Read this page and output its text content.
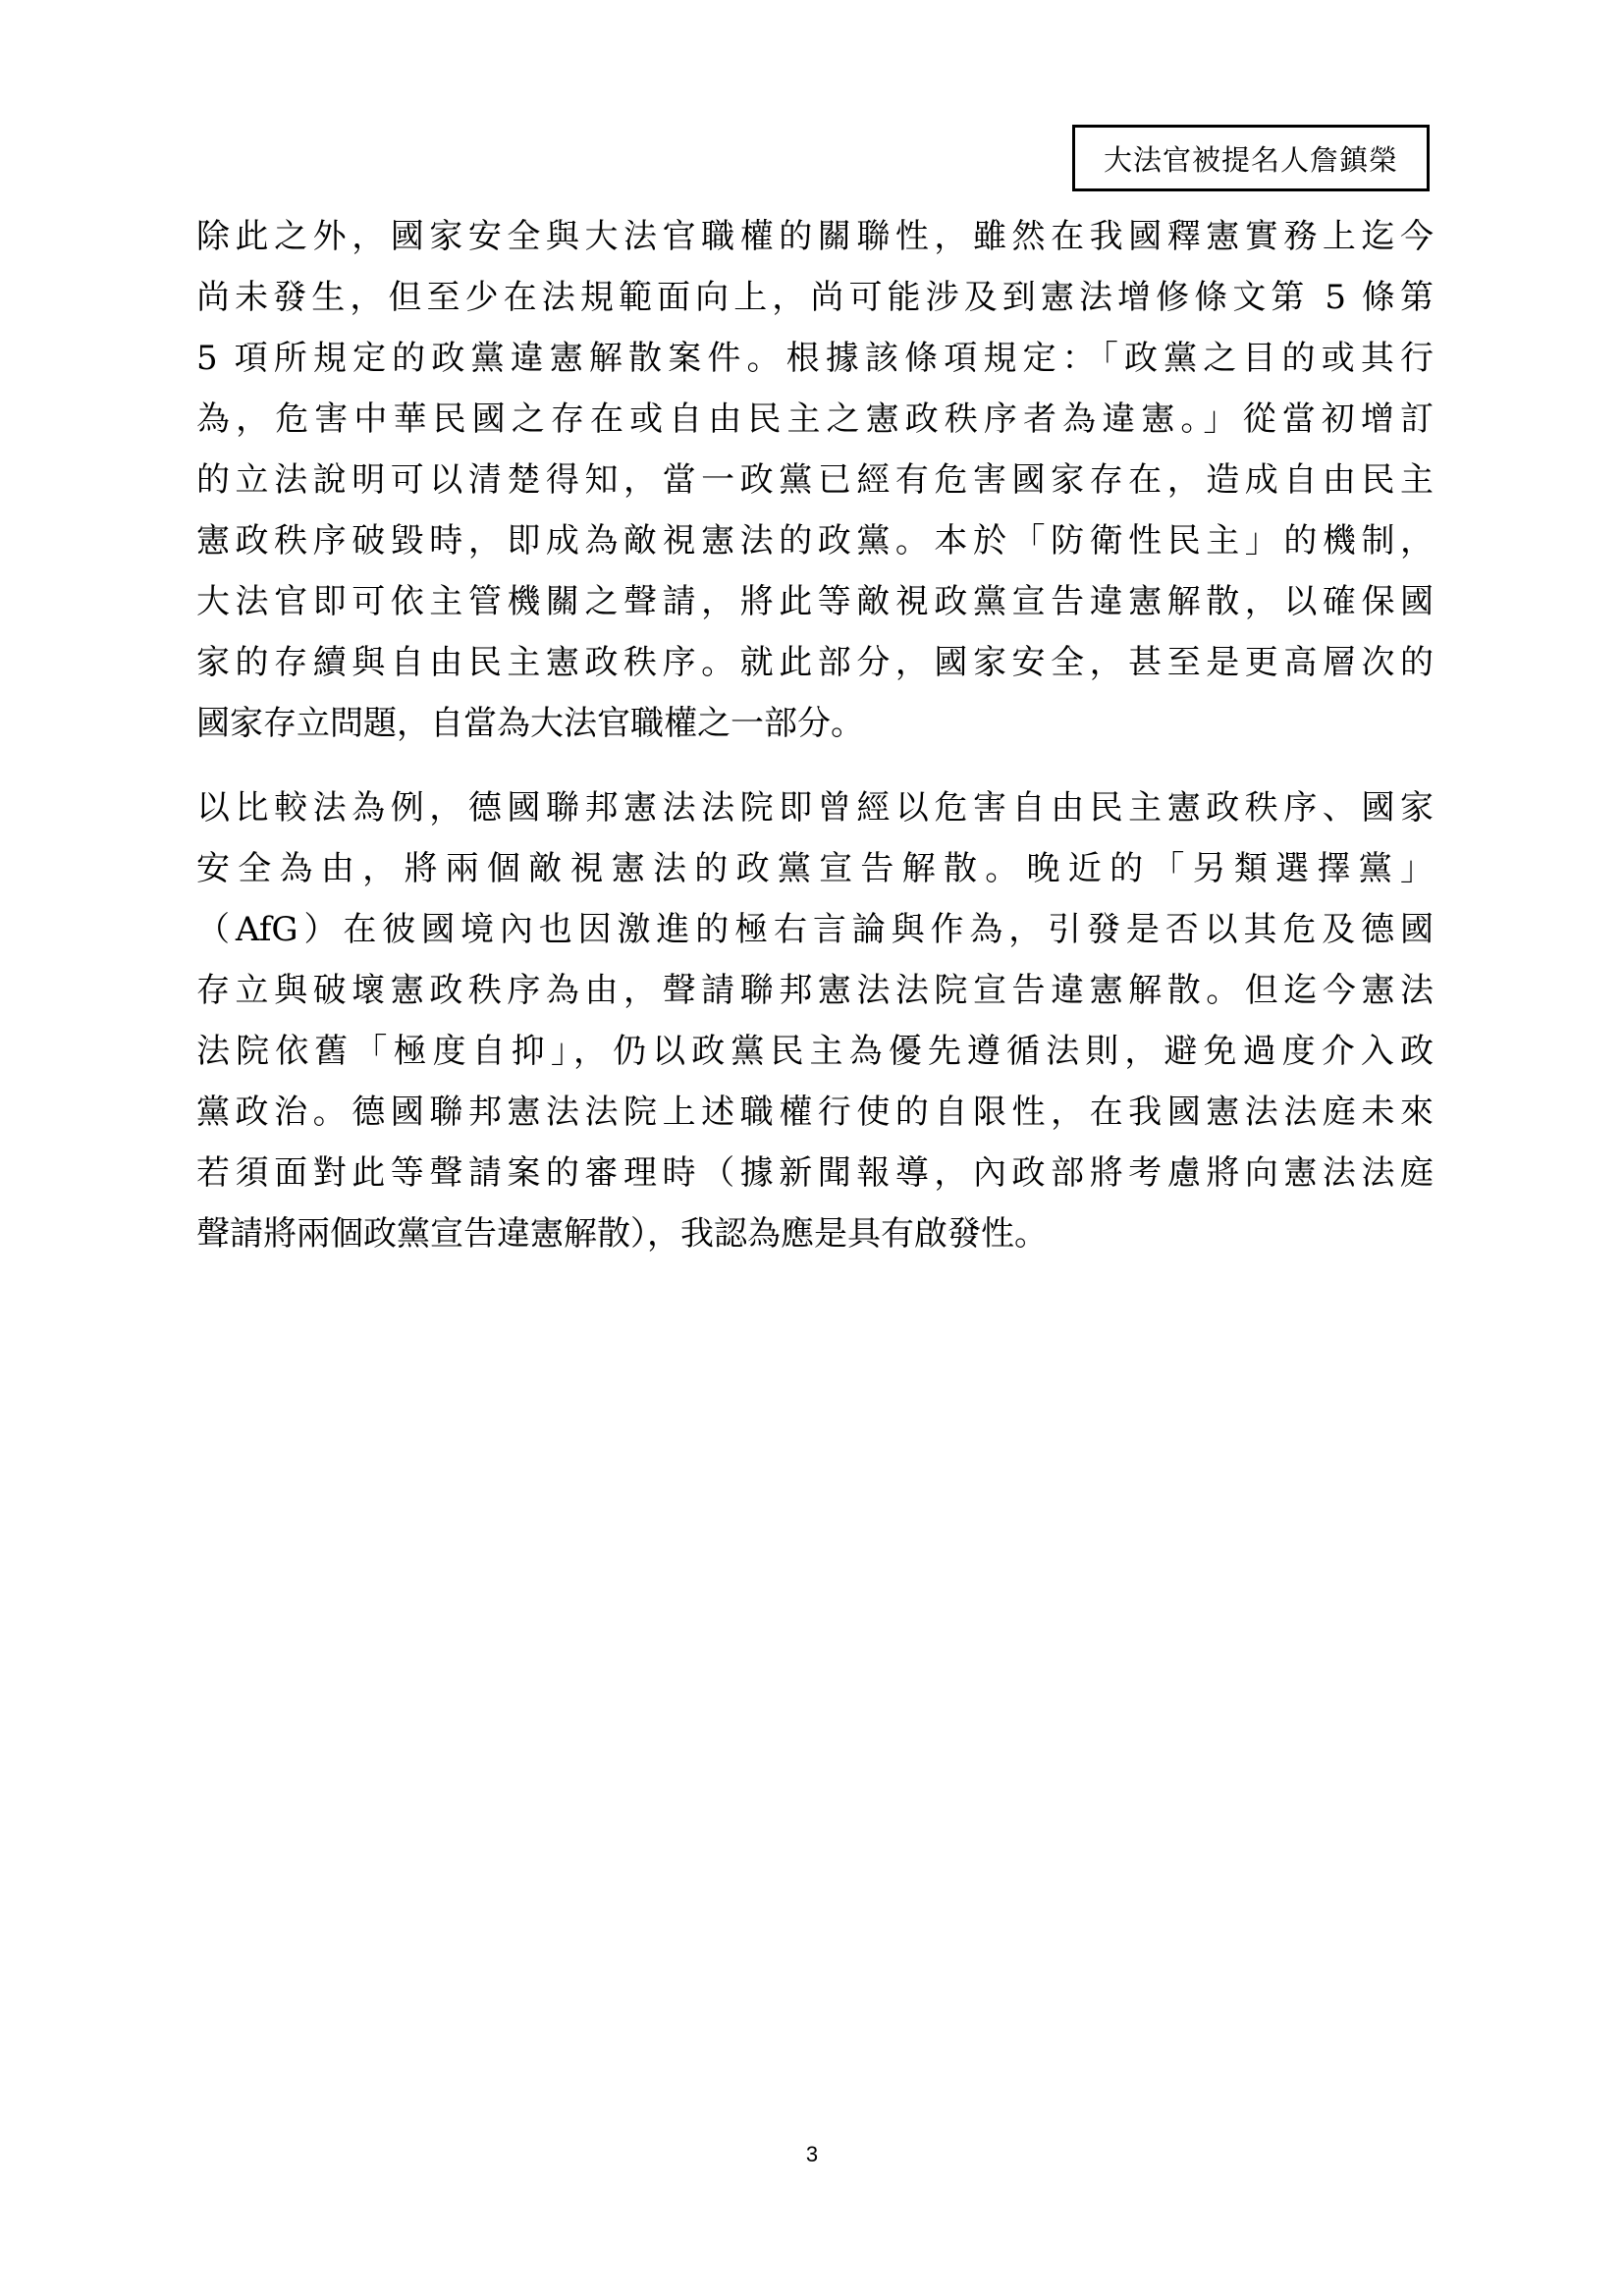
大法官被提名人詹鎮榮
除此之外，國家安全與大法官職權的關聯性，雖然在我國釋憲實務上迄今
尚未發生，但至少在法規範面向上，尚可能涉及到憲法增修條文第 5 條第
5 項所規定的政黨違憲解散案件。根據該條項規定：「政黨之目的或其行
為，危害中華民國之存在或自由民主之憲政秩序者為違憲。」從當初增訂
的立法說明可以清楚得知，當一政黨已經有危害國家存在，造成自由民主
憲政秩序破毀時，即成為敵視憲法的政黨。本於「防衛性民主」的機制，
大法官即可依主管機關之聲請，將此等敵視政黨宣告違憲解散，以確保國
家的存續與自由民主憲政秩序。就此部分，國家安全，甚至是更高層次的
國家存立問題，自當為大法官職權之一部分。
以比較法為例，德國聯邦憲法法院即曾經以危害自由民主憲政秩序、國家
安全為由，將兩個敵視憲法的政黨宣告解散。晚近的「另類選擇黨」
（AfG）在彼國境內也因激進的極右言論與作為，引發是否以其危及德國
存立與破壞憲政秩序為由，聲請聯邦憲法法院宣告違憲解散。但迄今憲法
法院依舊「極度自抑」，仍以政黨民主為優先遵循法則，避免過度介入政
黨政治。德國聯邦憲法法院上述職權行使的自限性，在我國憲法法庭未來
若須面對此等聲請案的審理時（據新聞報導，內政部將考慮將向憲法法庭
聲請將兩個政黨宣告違憲解散），我認為應是具有啟發性。
3
